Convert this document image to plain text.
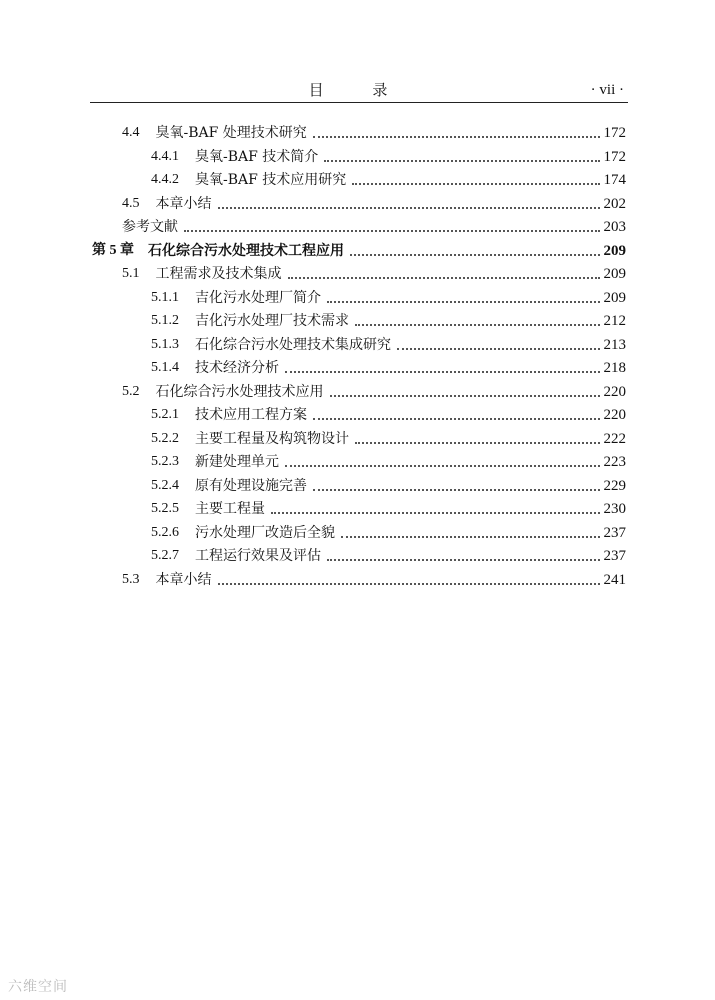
目 录	· vii ·
4.4 臭氧-BAF 处理技术研究	172
4.4.1 臭氧-BAF 技术简介	172
4.4.2 臭氧-BAF 技术应用研究	174
4.5 本章小结	202
参考文献	203
第 5 章 石化综合污水处理技术工程应用	209
5.1 工程需求及技术集成	209
5.1.1 吉化污水处理厂简介	209
5.1.2 吉化污水处理厂技术需求	212
5.1.3 石化综合污水处理技术集成研究	213
5.1.4 技术经济分析	218
5.2 石化综合污水处理技术应用	220
5.2.1 技术应用工程方案	220
5.2.2 主要工程量及构筑物设计	222
5.2.3 新建处理单元	223
5.2.4 原有处理设施完善	229
5.2.5 主要工程量	230
5.2.6 污水处理厂改造后全貌	237
5.2.7 工程运行效果及评估	237
5.3 本章小结	241
六维空间
